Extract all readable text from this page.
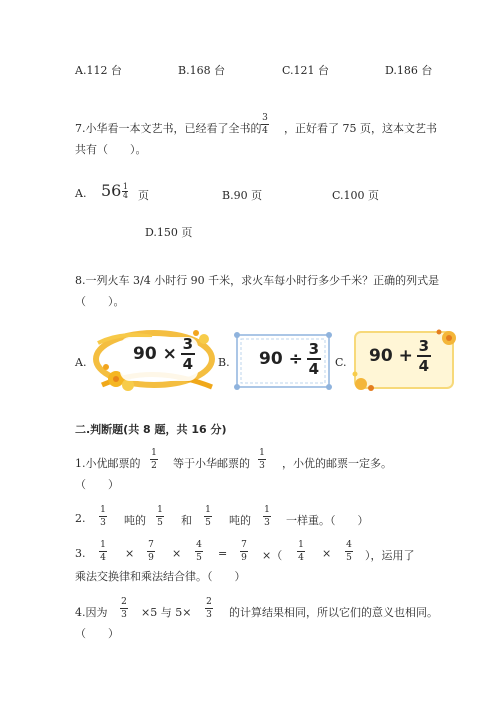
A.112 台	B.168 台	C.121 台	D.186 台
7.小华看一本文艺书，已经看了全书的
3
4 ，正好看了 75 页，这本文艺书
共有（　　）。
A. $56 \frac{1}{4}$ 页	B.90 页	C.100 页
D.150 页
8.一列火车 3/4 小时行 90 千米，求火车每小时行多少千米？正确的列式是
（　　）。
A.	90 × 3
4 B. 90 ÷ 3
4 C. 90 + 3
4
二.判断题(共 8 题，共 16 分)
1.小优邮票的
1
2 等于小华邮票的
1
3 ，小优的邮票一定多。
（　　）
2.
1
3 吨的
1
5 和
1
5 吨的
1
3 一样重。（　　）
3.
1
4 ×
7
9 ×
4
5 =
7
9 ×（
1
4 ×
4
5 ），运用了
乘法交换律和乘法结合律。（　　）
4.因为
2
3 ×5 与 5×
2
3 的计算结果相同，所以它们的意义也相同。
（　　）
